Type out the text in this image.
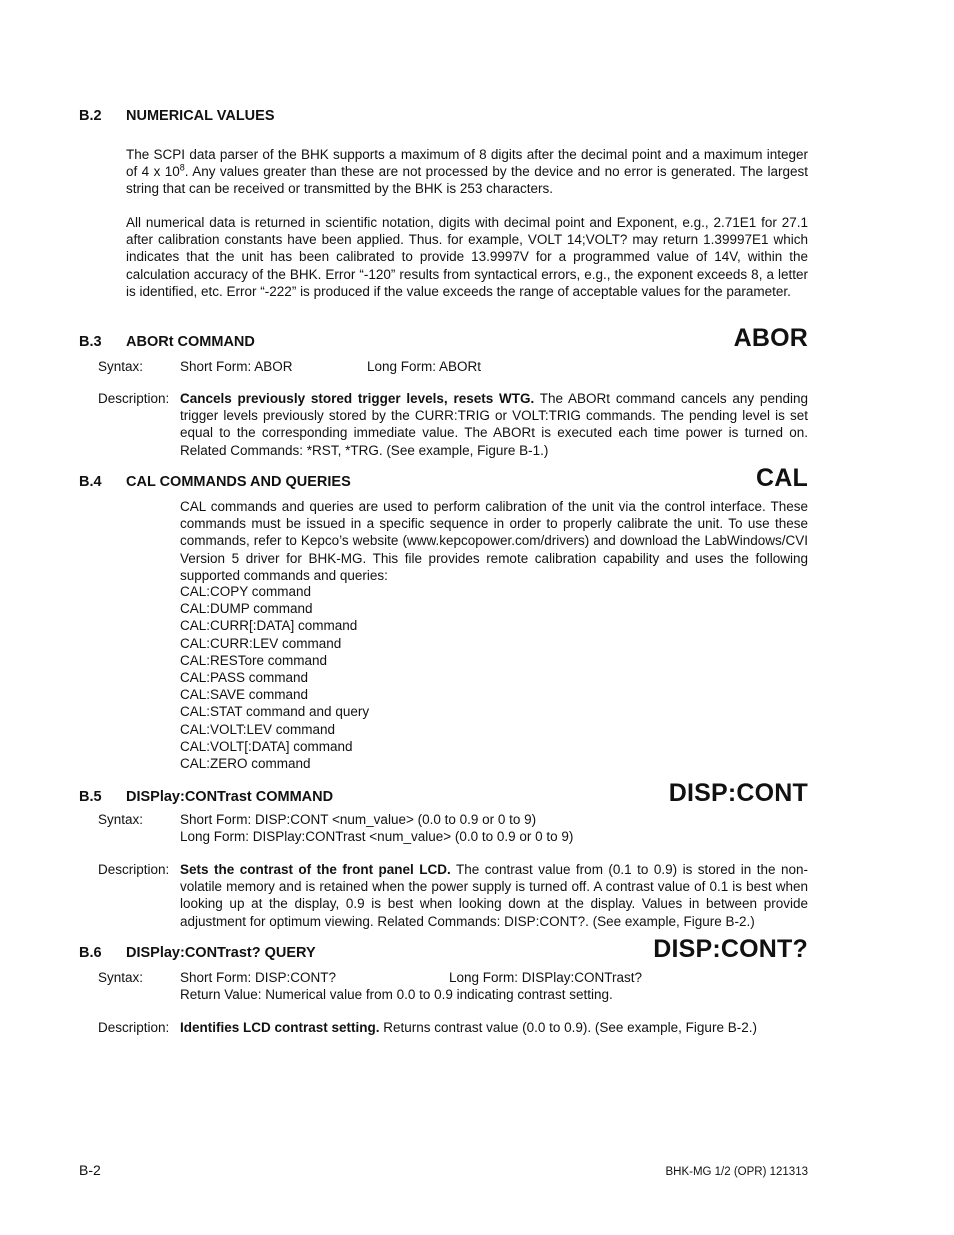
B.2 NUMERICAL VALUES
The SCPI data parser of the BHK supports a maximum of 8 digits after the decimal point and a maximum integer of 4 x $10^8$. Any values greater than these are not processed by the device and no error is generated. The largest string that can be received or transmitted by the BHK is 253 characters.
All numerical data is returned in scientific notation, digits with decimal point and Exponent, e.g., 2.71E1 for 27.1 after calibration constants have been applied. Thus. for example, VOLT 14;VOLT? may return 1.39997E1 which indicates that the unit has been calibrated to provide 13.9997V for a programmed value of 14V, within the calculation accuracy of the BHK. Error “-120” results from syntactical errors, e.g., the exponent exceeds 8, a letter is identified, etc. Error “-222” is produced if the value exceeds the range of acceptable values for the parameter.
B.3 ABORt COMMAND	ABOR
Syntax:	Short Form: ABOR	Long Form: ABORt
Description: Cancels previously stored trigger levels, resets WTG. The ABORt command cancels any pending trigger levels previously stored by the CURR:TRIG or VOLT:TRIG commands. The pending level is set equal to the corresponding immediate value. The ABORt is executed each time power is turned on. Related Commands: *RST, *TRG. (See example, Figure B-1.)
B.4 CAL COMMANDS AND QUERIES	CAL
CAL commands and queries are used to perform calibration of the unit via the control interface. These commands must be issued in a specific sequence in order to properly calibrate the unit. To use these commands, refer to Kepco’s website (www.kepcopower.com/drivers) and download the LabWindows/CVI Version 5 driver for BHK-MG. This file provides remote calibration capability and uses the following supported commands and queries:
CAL:COPY command
CAL:DUMP command
CAL:CURR[:DATA] command
CAL:CURR:LEV command
CAL:RESTore command
CAL:PASS command
CAL:SAVE command
CAL:STAT command and query
CAL:VOLT:LEV command
CAL:VOLT[:DATA] command
CAL:ZERO command
B.5 DISPlay:CONTrast COMMAND	DISP:CONT
Syntax:	Short Form: DISP:CONT <num_value> (0.0 to 0.9 or 0 to 9)
Long Form: DISPlay:CONTrast <num_value> (0.0 to 0.9 or 0 to 9)
Description: Sets the contrast of the front panel LCD. The contrast value from (0.1 to 0.9) is stored in the non-volatile memory and is retained when the power supply is turned off. A contrast value of 0.1 is best when looking up at the display, 0.9 is best when looking down at the display. Values in between provide adjustment for optimum viewing. Related Commands: DISP:CONT?. (See example, Figure B-2.)
B.6 DISPlay:CONTrast? QUERY	DISP:CONT?
Syntax:	Short Form: DISP:CONT?	Long Form: DISPlay:CONTrast?
Return Value: Numerical value from 0.0 to 0.9 indicating contrast setting.
Description: Identifies LCD contrast setting. Returns contrast value (0.0 to 0.9). (See example, Figure B-2.)
B-2	BHK-MG 1/2 (OPR) 121313
